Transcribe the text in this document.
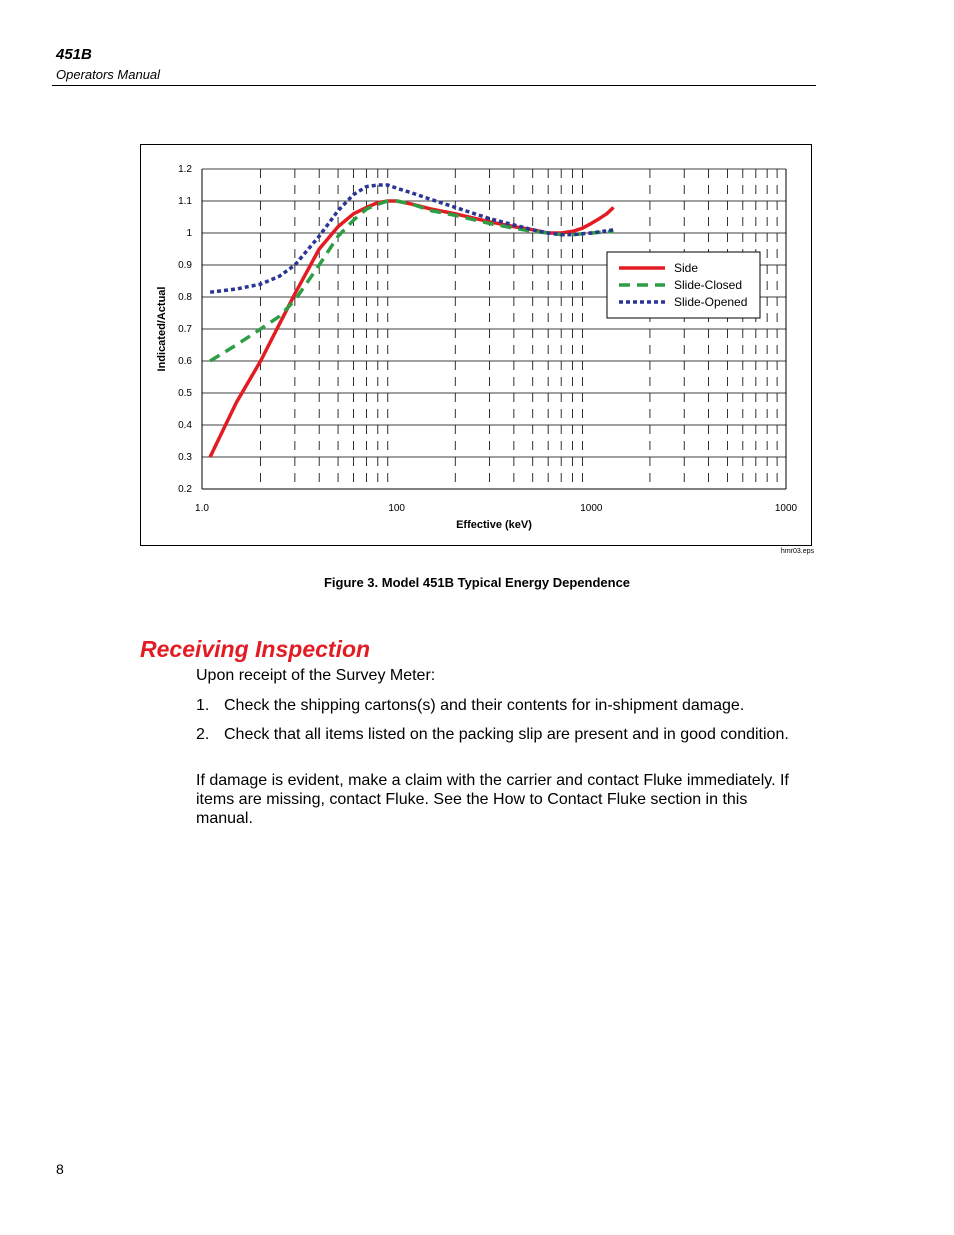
451B
Operators Manual
0.2
0.3
0.4
0.5
0.6
0.7
0.8
0.9
1
1.1
1.2
1.0	100	1000	1000
Effective (keV)
Indicated/Actual
Side
Slide-Closed
Slide-Opened
hmr03.eps
Figure 3. Model 451B Typical Energy Dependence
Receiving Inspection
Upon receipt of the Survey Meter:
1. Check the shipping cartons(s) and their contents for in-shipment damage.
2. Check that all items listed on the packing slip are present and in good condition.
If damage is evident, make a claim with the carrier and contact Fluke immediately. If items are missing, contact Fluke. See the How to Contact Fluke section in this manual.
8
